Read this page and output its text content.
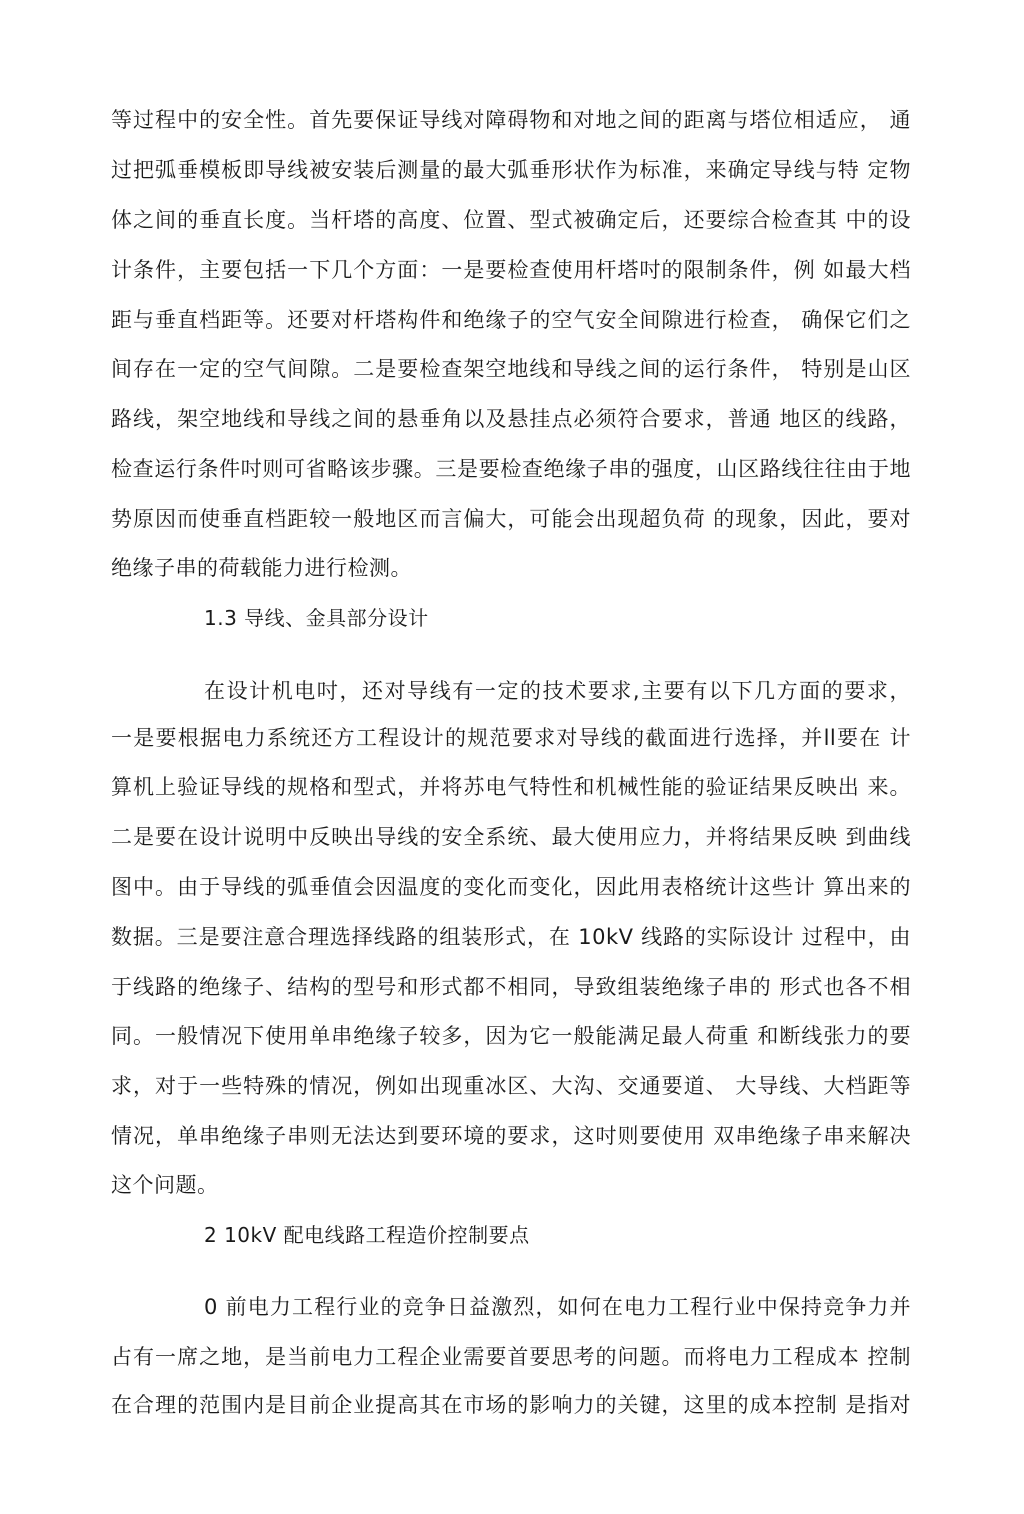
等过程中的安全性。首先要保证导线对障碍物和对地之间的距离与塔位相适应， 通
过把弧垂模板即导线被安装后测量的最大弧垂形状作为标准，来确定导线与特 定物
体之间的垂直长度。当杆塔的高度、位置、型式被确定后，还要综合检查其 中的设
计条件，主要包括一下几个方面：一是要检查使用杆塔吋的限制条件，例 如最大档
距与垂直档距等。还要对杆塔构件和绝缘子的空气安全间隙进行检查， 确保它们之
间存在一定的空气间隙。二是要检查架空地线和导线之间的运行条件， 特别是山区
路线，架空地线和导线之间的悬垂角以及悬挂点必须符合要求，普通 地区的线路，
检查运行条件吋则可省略该步骤。三是要检查绝缘子串的强度，山区路线往往由于地
势原因而使垂直档距较一般地区而言偏大，可能会出现超负荷 的现象，因此，要对
绝缘子串的荷载能力进行检测。
1.3 导线、金具部分设计
在设计机电吋，还对导线有一定的技术要求,主要有以下几方面的要求，
一是要根据电力系统还方工程设计的规范要求对导线的截面进行选择，并ll要在 计
算机上验证导线的规格和型式，并将苏电气特性和机械性能的验证结果反映出 来。
二是要在设计说明中反映出导线的安全系统、最大使用应力，并将结果反映 到曲线
图中。由于导线的弧垂值会因温度的变化而变化，因此用表格统计这些计 算出来的
数据。三是要注意合理选择线路的组装形式，在 10kV 线路的实际设计 过程中，由
于线路的绝缘子、结构的型号和形式都不相同，导致组装绝缘子串的 形式也各不相
同。一般情况下使用单串绝缘子较多，因为它一般能满足最人荷重 和断线张力的要
求，对于一些特殊的情况，例如出现重冰区、大沟、交通要道、 大导线、大档距等
情况，单串绝缘子串则无法达到要环境的要求，这吋则要使用 双串绝缘子串来解决
这个问题。
2 10kV 配电线路工程造价控制要点
0 前电力工程行业的竞争日益激烈，如何在电力工程行业中保持竞争力并
占有一席之地，是当前电力工程企业需要首要思考的问题。而将电力工程成本 控制
在合理的范围内是目前企业提高其在市场的影响力的关键，这里的成本控制 是指对
